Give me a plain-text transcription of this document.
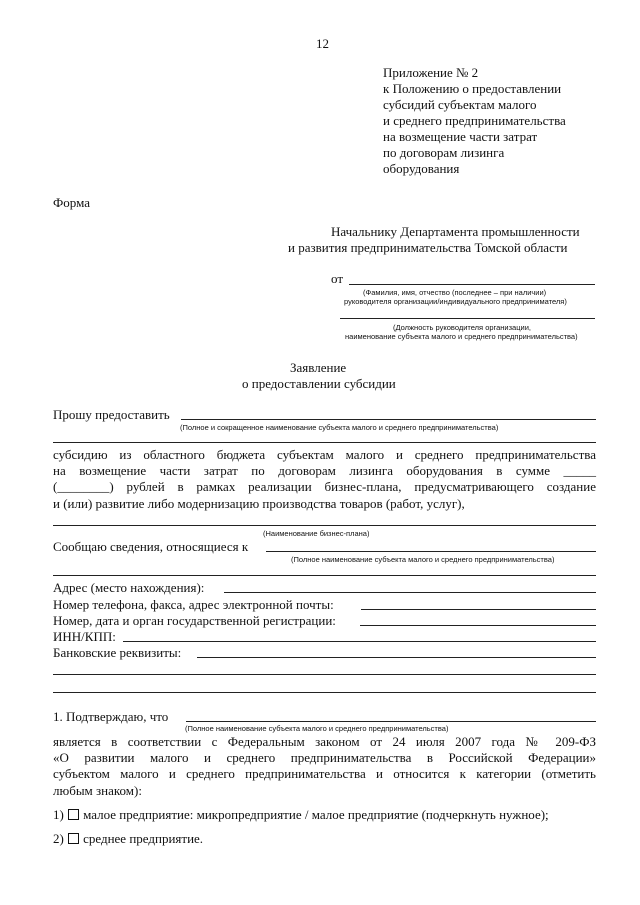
12
Приложение № 2
к Положению о предоставлении
субсидий субъектам малого
и среднего предпринимательства
на возмещение части затрат
по договорам лизинга
оборудования
Форма
Начальнику Департамента промышленности
и развития предпринимательства Томской области
от
(Фамилия, имя, отчество (последнее – при наличии)
руководителя организации/индивидуального предпринимателя)
(Должность руководителя организации,
наименование субъекта малого и среднего предпринимательства)
Заявление
о предоставлении субсидии
Прошу предоставить
(Полное и сокращенное наименование субъекта малого и среднего предпринимательства)
субсидию из областного бюджета субъектам малого и среднего предпринимательства
на возмещение части затрат по договорам лизинга оборудования в сумме _____
(________) рублей в рамках реализации бизнес-плана, предусматривающего создание
и (или) развитие либо модернизацию производства товаров (работ, услуг),
(Наименование бизнес-плана)
Сообщаю сведения, относящиеся к
(Полное наименование субъекта малого и среднего предпринимательства)
Адрес (место нахождения):
Номер телефона, факса, адрес электронной почты:
Номер, дата и орган государственной регистрации:
ИНН/КПП:
Банковские реквизиты:
1. Подтверждаю, что
(Полное наименование субъекта малого и среднего предпринимательства)
является в соответствии с Федеральным законом от 24 июля 2007 года № 209-ФЗ
«О развитии малого и среднего предпринимательства в Российской Федерации»
субъектом малого и среднего предпринимательства и относится к категории (отметить
любым знаком):
1) малое предприятие: микропредприятие / малое предприятие (подчеркнуть нужное);
2) среднее предприятие.
